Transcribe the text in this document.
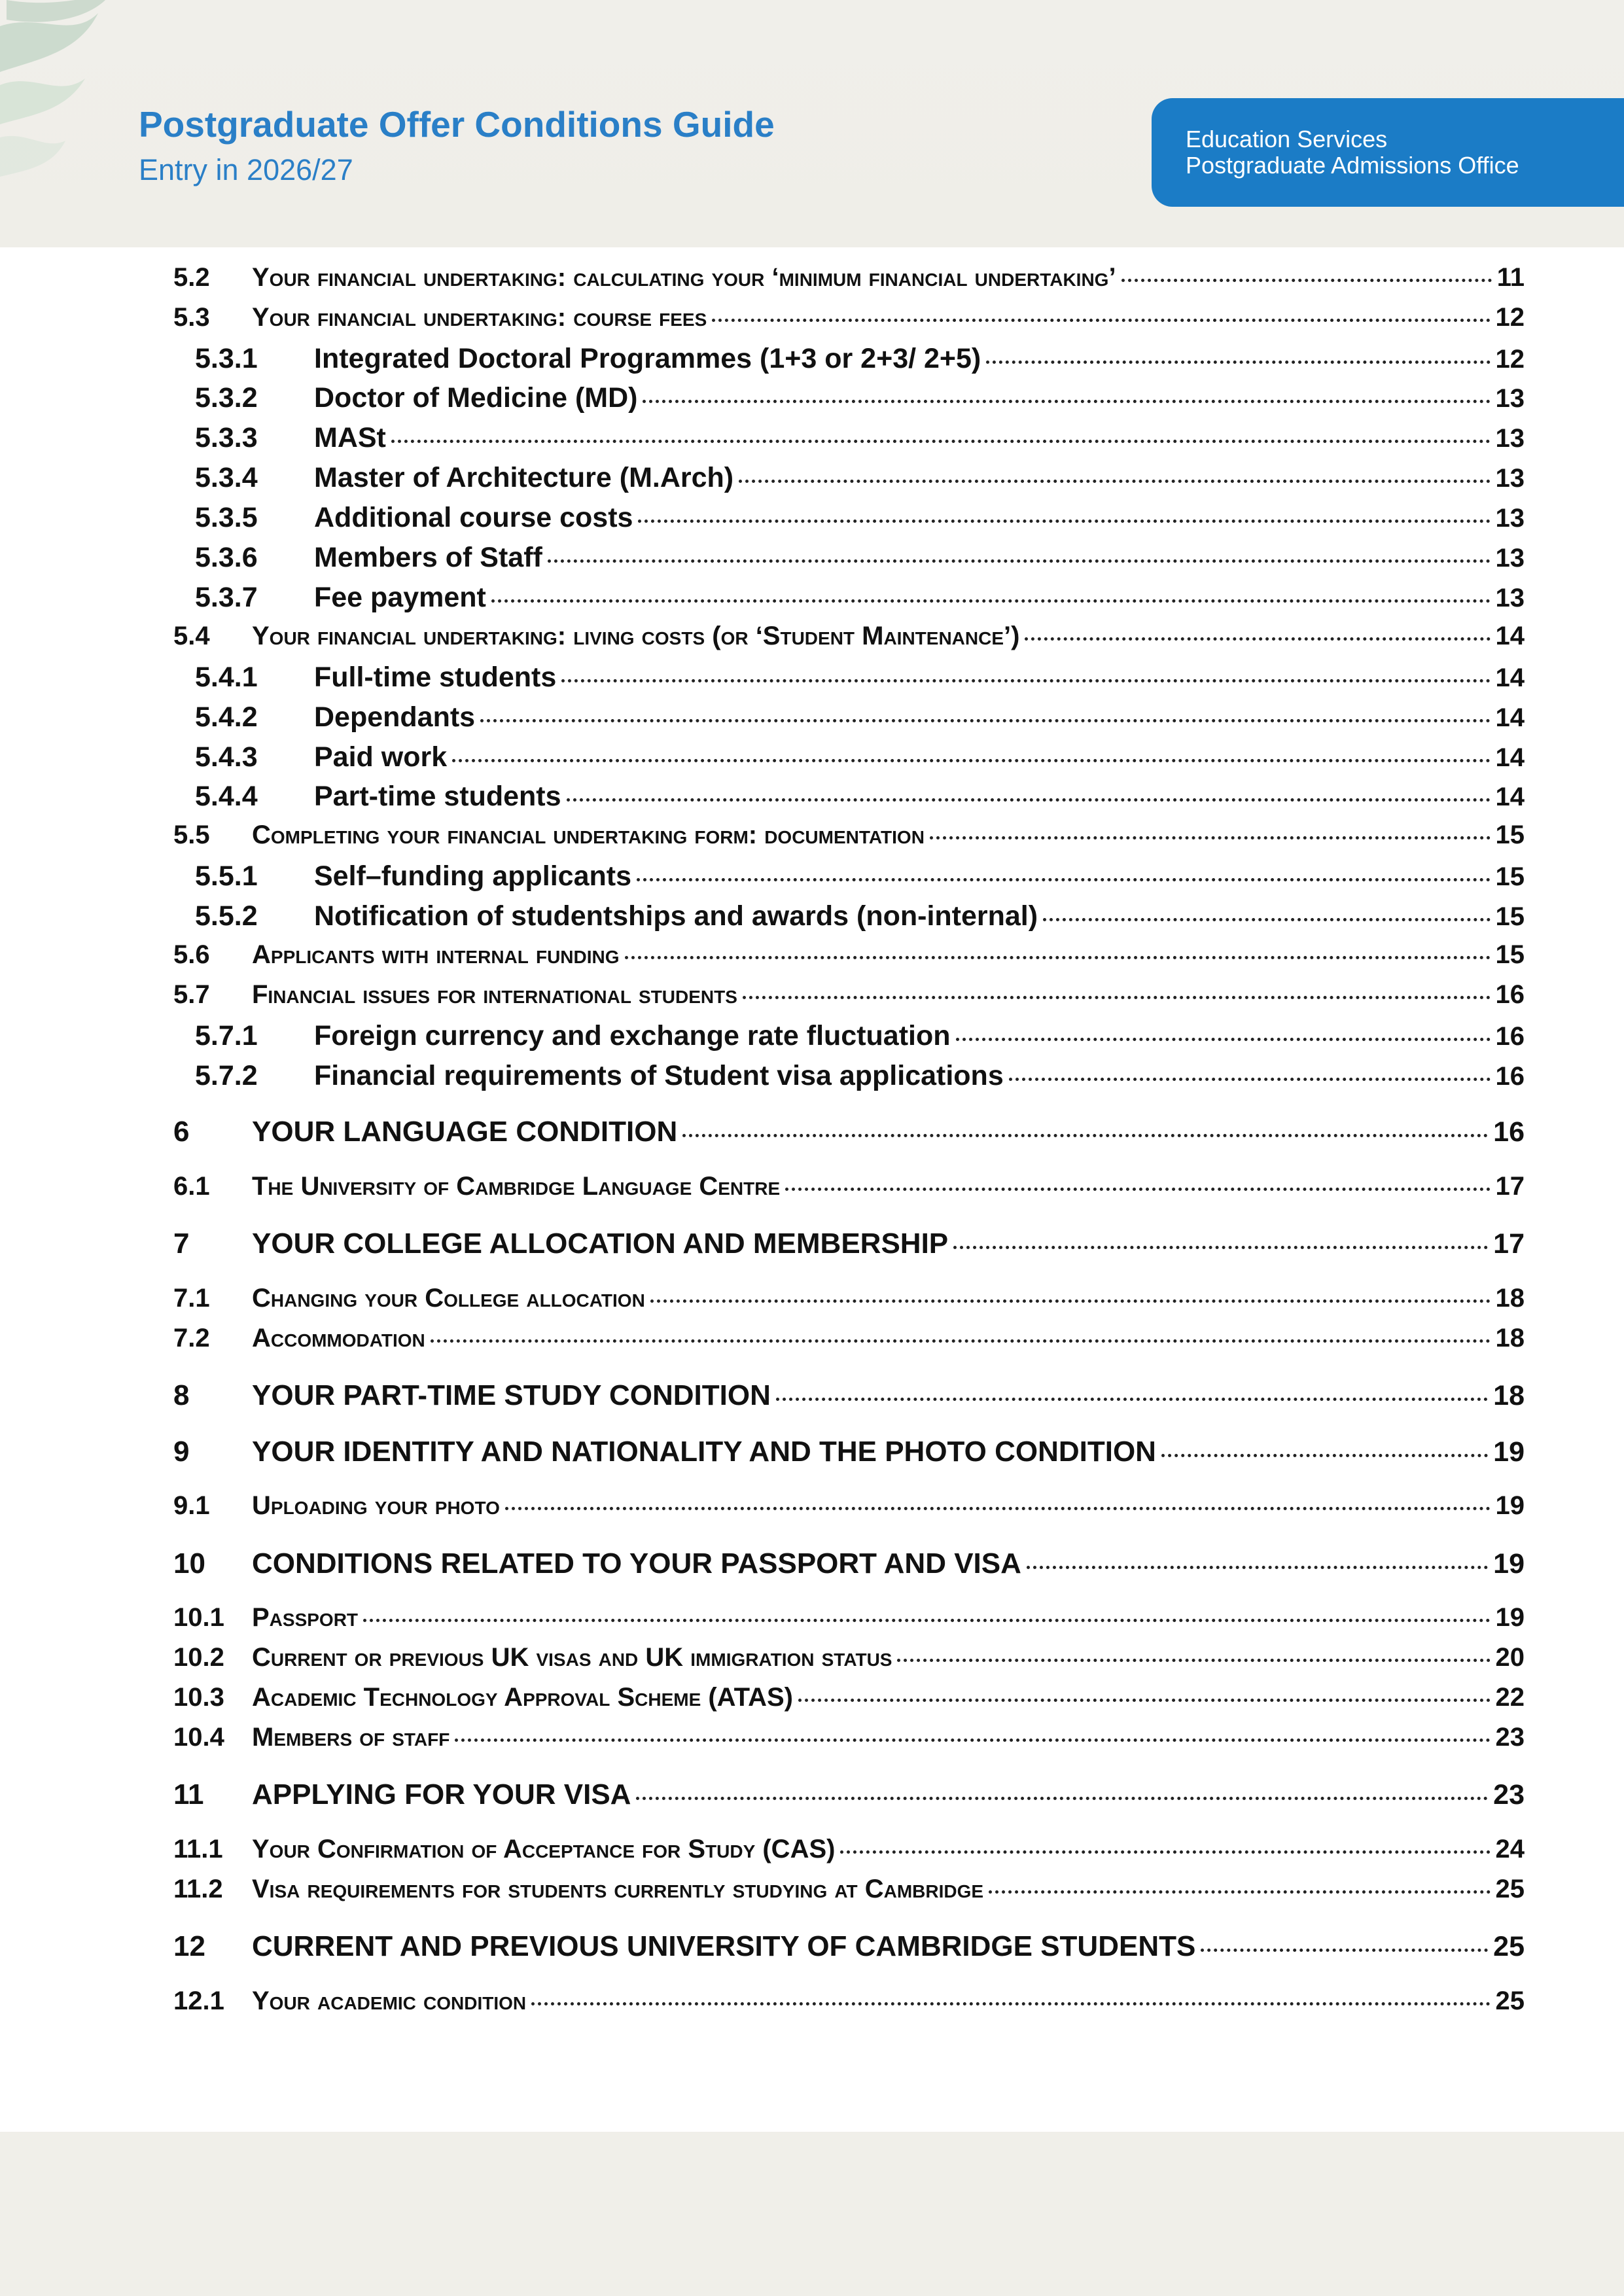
Postgraduate Offer Conditions Guide
Entry in 2026/27
Education Services
Postgraduate Admissions Office
5.2	Your financial undertaking: calculating your ‘minimum financial undertaking’	11
5.3	Your financial undertaking: course fees	12
5.3.1	Integrated Doctoral Programmes (1+3 or 2+3/ 2+5)	12
5.3.2	Doctor of Medicine (MD)	13
5.3.3	MASt	13
5.3.4	Master of Architecture (M.Arch)	13
5.3.5	Additional course costs	13
5.3.6	Members of Staff	13
5.3.7	Fee payment	13
5.4	Your financial undertaking: living costs (or ‘Student Maintenance’)	14
5.4.1	Full-time students	14
5.4.2	Dependants	14
5.4.3	Paid work	14
5.4.4	Part-time students	14
5.5	Completing your financial undertaking form: documentation	15
5.5.1	Self–funding applicants	15
5.5.2	Notification of studentships and awards (non-internal)	15
5.6	Applicants with internal funding	15
5.7	Financial issues for international students	16
5.7.1	Foreign currency and exchange rate fluctuation	16
5.7.2	Financial requirements of Student visa applications	16
6	YOUR LANGUAGE CONDITION	16
6.1	The University of Cambridge Language Centre	17
7	YOUR COLLEGE ALLOCATION AND MEMBERSHIP	17
7.1	Changing your College allocation	18
7.2	Accommodation	18
8	YOUR PART-TIME STUDY CONDITION	18
9	YOUR IDENTITY AND NATIONALITY AND THE PHOTO CONDITION	19
9.1	Uploading your photo	19
10	CONDITIONS RELATED TO YOUR PASSPORT AND VISA	19
10.1	Passport	19
10.2	Current or previous UK visas and UK immigration status	20
10.3	Academic Technology Approval Scheme (ATAS)	22
10.4	Members of staff	23
11	APPLYING FOR YOUR VISA	23
11.1	Your Confirmation of Acceptance for Study (CAS)	24
11.2	Visa requirements for students currently studying at Cambridge	25
12	CURRENT AND PREVIOUS UNIVERSITY OF CAMBRIDGE STUDENTS	25
12.1	Your academic condition	25
